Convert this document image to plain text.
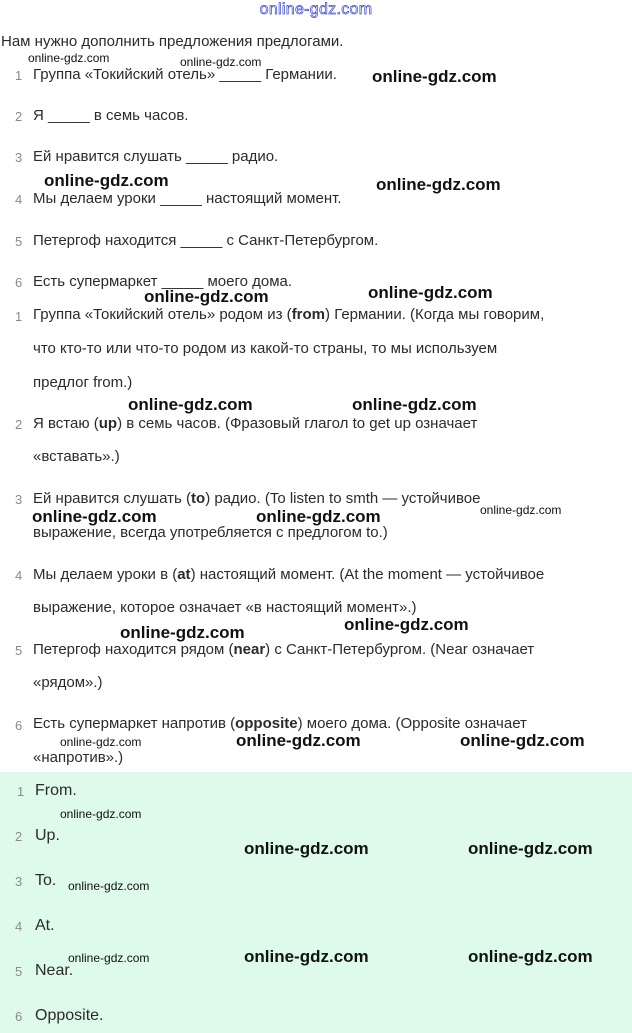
online-gdz.com
Нам нужно дополнить предложения предлогами.
1 Группа «Токийский отель» _____ Германии.
2 Я _____ в семь часов.
3 Ей нравится слушать _____ радио.
4 Мы делаем уроки _____ настоящий момент.
5 Петергоф находится _____ с Санкт-Петербургом.
6 Есть супермаркет _____ моего дома.
1 Группа «Токийский отель» родом из (from) Германии. (Когда мы говорим,
что кто-то или что-то родом из какой-то страны, то мы используем
предлог from.)
2 Я встаю (up) в семь часов. (Фразовый глагол to get up означает
«вставать».)
3 Ей нравится слушать (to) радио. (To listen to smth — устойчивое
выражение, всегда употребляется с предлогом to.)
4 Мы делаем уроки в (at) настоящий момент. (At the moment — устойчивое
выражение, которое означает «в настоящий момент».)
5 Петергоф находится рядом (near) с Санкт-Петербургом. (Near означает
«рядом».)
6 Есть супермаркет напротив (opposite) моего дома. (Opposite означает
«напротив».)
1 From.
2 Up.
3 To.
4 At.
5 Near.
6 Opposite.
online-gdz.com	online-gdz.com
online-gdz.com
online-gdz.com	online-gdz.com
online-gdz.com	online-gdz.com
online-gdz.com	online-gdz.com
online-gdz.com
online-gdz.com	online-gdz.com
online-gdz.com	online-gdz.com
online-gdz.com	online-gdz.com	online-gdz.com
online-gdz.com
online-gdz.com	online-gdz.com
online-gdz.com
online-gdz.com	online-gdz.com	online-gdz.com
